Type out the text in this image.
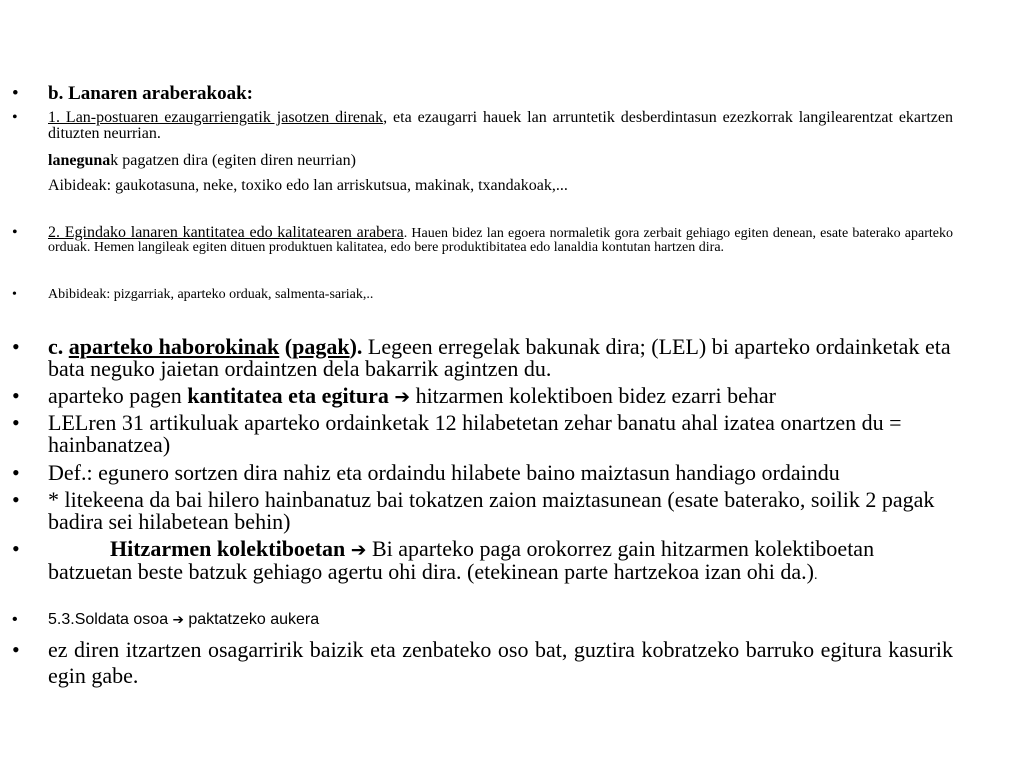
• b. Lanaren araberakoak:
• 1. Lan-postuaren ezaugarriengatik jasotzen direnak, eta ezaugarri hauek lan arruntetik desberdintasun ezezkorrak langilearentzat ekartzen dituzten neurrian.
lanegunak pagatzen dira (egiten diren neurrian)
Aibideak: gaukotasuna, neke, toxiko edo lan arriskutsua, makinak, txandakoak,...
• 2. Egindako lanaren kantitatea edo kalitatearen arabera. Hauen bidez lan egoera normaletik gora zerbait gehiago egiten denean, esate baterako aparteko orduak. Hemen langileak egiten dituen produktuen kalitatea, edo bere produktibitatea edo lanaldia kontutan hartzen dira.
• Abibideak: pizgarriak, aparteko orduak, salmenta-sariak,..
• c. aparteko haborokinak (pagak). Legeen erregelak bakunak dira; (LEL) bi aparteko ordainketak eta bata neguko jaietan ordaintzen dela bakarrik agintzen du.
• aparteko pagen kantitatea eta egitura ➔ hitzarmen kolektiboen bidez ezarri behar
• LELren 31 artikuluak aparteko ordainketak 12 hilabetetan zehar banatu ahal izatea onartzen du = hainbanatzea)
• Def.: egunero sortzen dira nahiz eta ordaindu hilabete baino maiztasun handiago ordaindu
• * litekeena da bai hilero hainbanatuz bai tokatzen zaion maiztasunean (esate baterako, soilik 2 pagak badira sei hilabetean behin)
•	Hitzarmen kolektiboetan ➔ Bi aparteko paga orokorrez gain hitzarmen kolektiboetan batzuetan beste batzuk gehiago agertu ohi dira. (etekinean parte hartzekoa izan ohi da.).
• 5.3.Soldata osoa ➔ paktatzeko aukera
• ez diren itzartzen osagarririk baizik eta zenbateko oso bat, guztira kobratzeko barruko egitura kasurik egin gabe.
